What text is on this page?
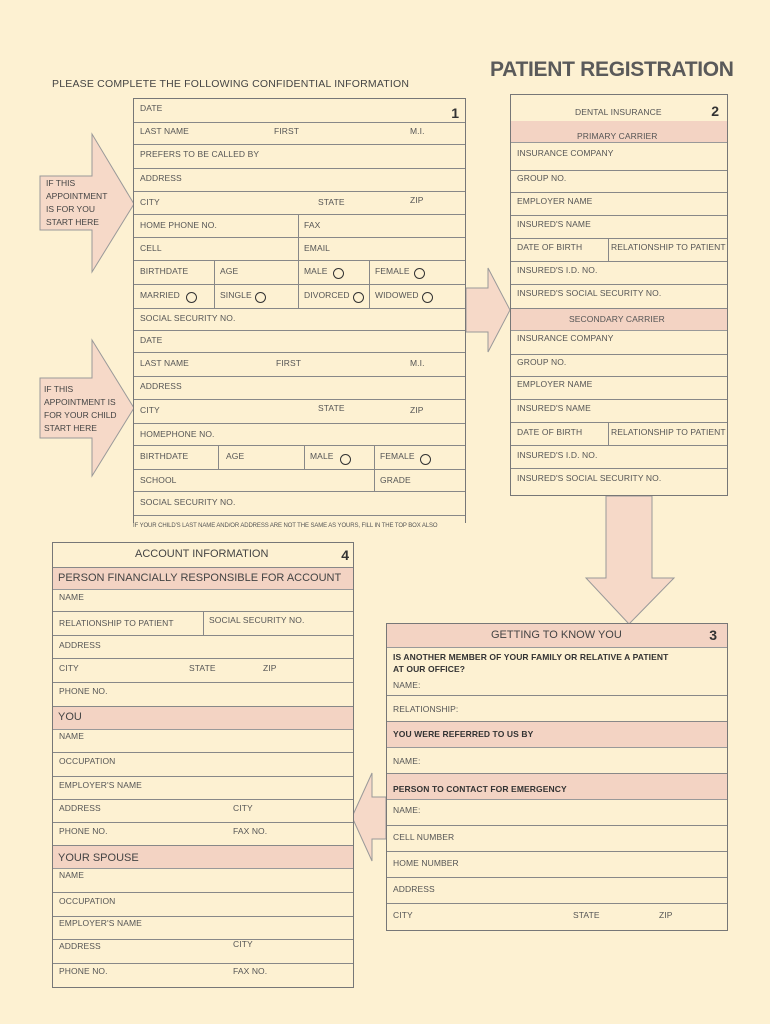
PATIENT REGISTRATION
PLEASE COMPLETE THE FOLLOWING CONFIDENTIAL INFORMATION
IF THIS
APPOINTMENT
IS FOR YOU
START HERE
IF THIS
APPOINTMENT IS
FOR YOUR CHILD
START HERE
1
DATE
LAST NAME	FIRST	M.I.
PREFERS TO BE CALLED BY
ADDRESS
CITY	STATE	ZIP
HOME PHONE NO.	FAX
CELL	EMAIL
BIRTHDATE	AGE	MALE	FEMALE
MARRIED	SINGLE	DIVORCED	WIDOWED
SOCIAL SECURITY NO.
DATE
LAST NAME	FIRST	M.I.
ADDRESS
CITY	STATE	ZIP
HOMEPHONE NO.
BIRTHDATE	AGE	MALE	FEMALE
SCHOOL	GRADE
SOCIAL SECURITY NO.
IF YOUR CHILD'S LAST NAME AND/OR ADDRESS ARE NOT THE SAME AS YOURS, FILL IN THE TOP BOX ALSO
2
DENTAL INSURANCE
PRIMARY CARRIER
INSURANCE COMPANY
GROUP NO.
EMPLOYER NAME
INSURED'S NAME
DATE OF BIRTH	RELATIONSHIP TO PATIENT
INSURED'S I.D. NO.
INSURED'S SOCIAL SECURITY NO.
SECONDARY CARRIER
INSURANCE COMPANY
GROUP NO.
EMPLOYER NAME
INSURED'S NAME
DATE OF BIRTH	RELATIONSHIP TO PATIENT
INSURED'S I.D. NO.
INSURED'S SOCIAL SECURITY NO.
GETTING TO KNOW YOU	3
IS ANOTHER MEMBER OF YOUR FAMILY OR RELATIVE A PATIENT
AT OUR OFFICE?
NAME:
RELATIONSHIP:
YOU WERE REFERRED TO US BY
NAME:
PERSON TO CONTACT FOR EMERGENCY
NAME:
CELL NUMBER
HOME NUMBER
ADDRESS
CITY	STATE	ZIP
ACCOUNT INFORMATION	4
PERSON FINANCIALLY RESPONSIBLE FOR ACCOUNT
NAME
RELATIONSHIP TO PATIENT	SOCIAL SECURITY NO.
ADDRESS
CITY	STATE	ZIP
PHONE NO.
YOU
NAME
OCCUPATION
EMPLOYER'S NAME
ADDRESS	CITY
PHONE NO.	FAX NO.
YOUR SPOUSE
NAME
OCCUPATION
EMPLOYER'S NAME
ADDRESS	CITY
PHONE NO.	FAX NO.
